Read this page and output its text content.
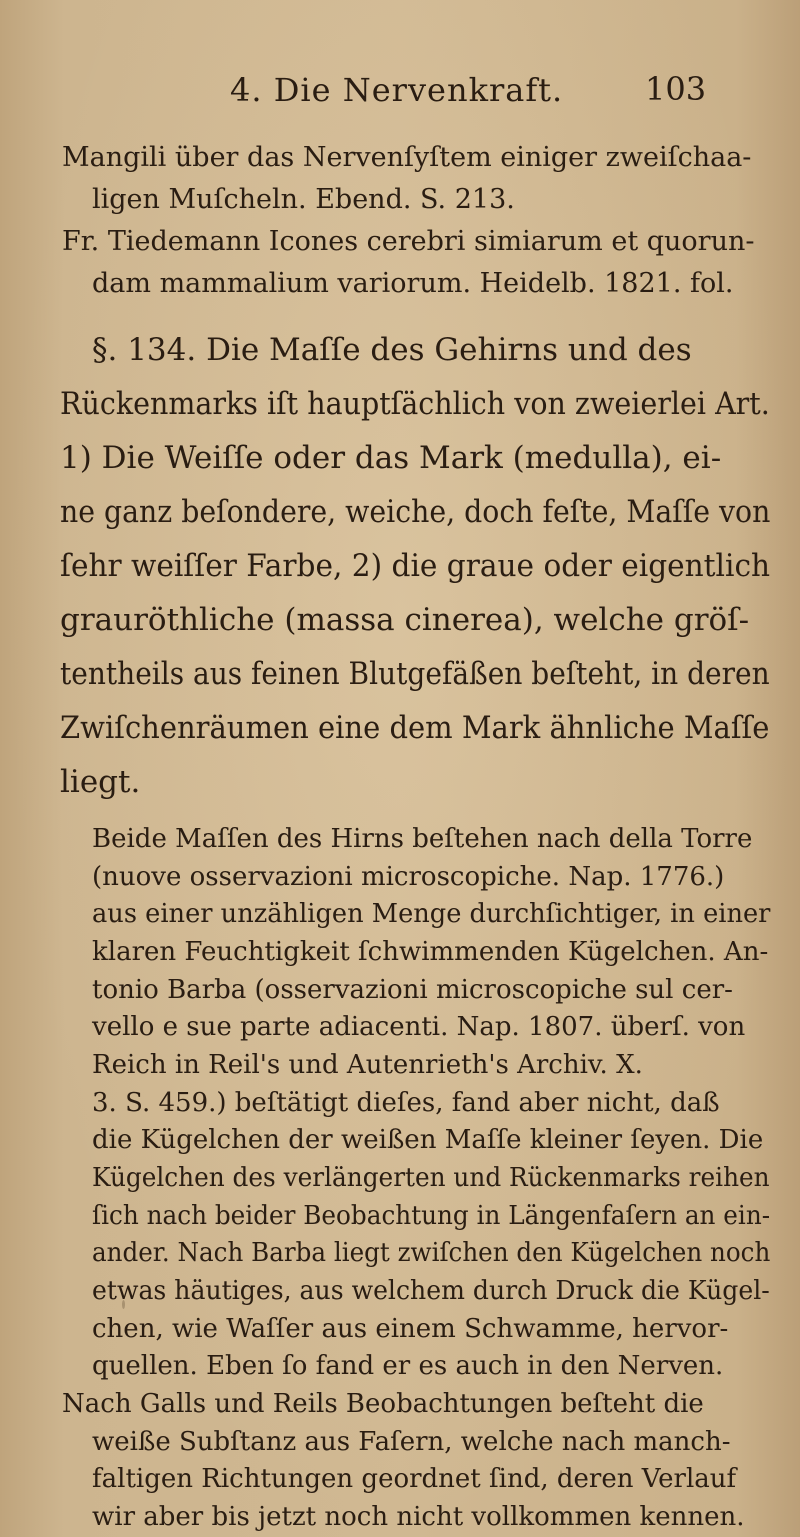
4. Die Nervenkraft.	103
Mangili über das Nervenſyſtem einiger zweiſchaa-
ligen Muſcheln. Ebend. S. 213.
Fr. Tiedemann Icones cerebri simiarum et quorun-
dam mammalium variorum. Heidelb. 1821. fol.
§. 134. Die Maſſe des Gehirns und des
Rückenmarks iſt hauptſächlich von zweierlei Art.
1) Die Weiſſe oder das Mark (medulla), ei-
ne ganz beſondere, weiche, doch feſte, Maſſe von
ſehr weiſſer Farbe, 2) die graue oder eigentlich
grauröthliche (massa cinerea), welche gröſ-
tentheils aus feinen Blutgefäßen beſteht, in deren
Zwiſchenräumen eine dem Mark ähnliche Maſſe
liegt.
Beide Maſſen des Hirns beſtehen nach della Torre
(nuove osservazioni microscopiche. Nap. 1776.)
aus einer unzähligen Menge durchſichtiger, in einer
klaren Feuchtigkeit ſchwimmenden Kügelchen. An-
tonio Barba (osservazioni microscopiche sul cer-
vello e sue parte adiacenti. Nap. 1807. überſ. von
Reich in Reil's und Autenrieth's Archiv. X.
3. S. 459.) beſtätigt dieſes, fand aber nicht, daß
die Kügelchen der weißen Maſſe kleiner ſeyen. Die
Kügelchen des verlängerten und Rückenmarks reihen
ſich nach beider Beobachtung in Längenfaſern an ein-
ander. Nach Barba liegt zwiſchen den Kügelchen noch
etwas häutiges, aus welchem durch Druck die Kügel-
chen, wie Waſſer aus einem Schwamme, hervor-
quellen. Eben ſo fand er es auch in den Nerven.
Nach Galls und Reils Beobachtungen beſteht die
weiße Subſtanz aus Faſern, welche nach manch-
faltigen Richtungen geordnet ſind, deren Verlauf
wir aber bis jetzt noch nicht vollkommen kennen.
